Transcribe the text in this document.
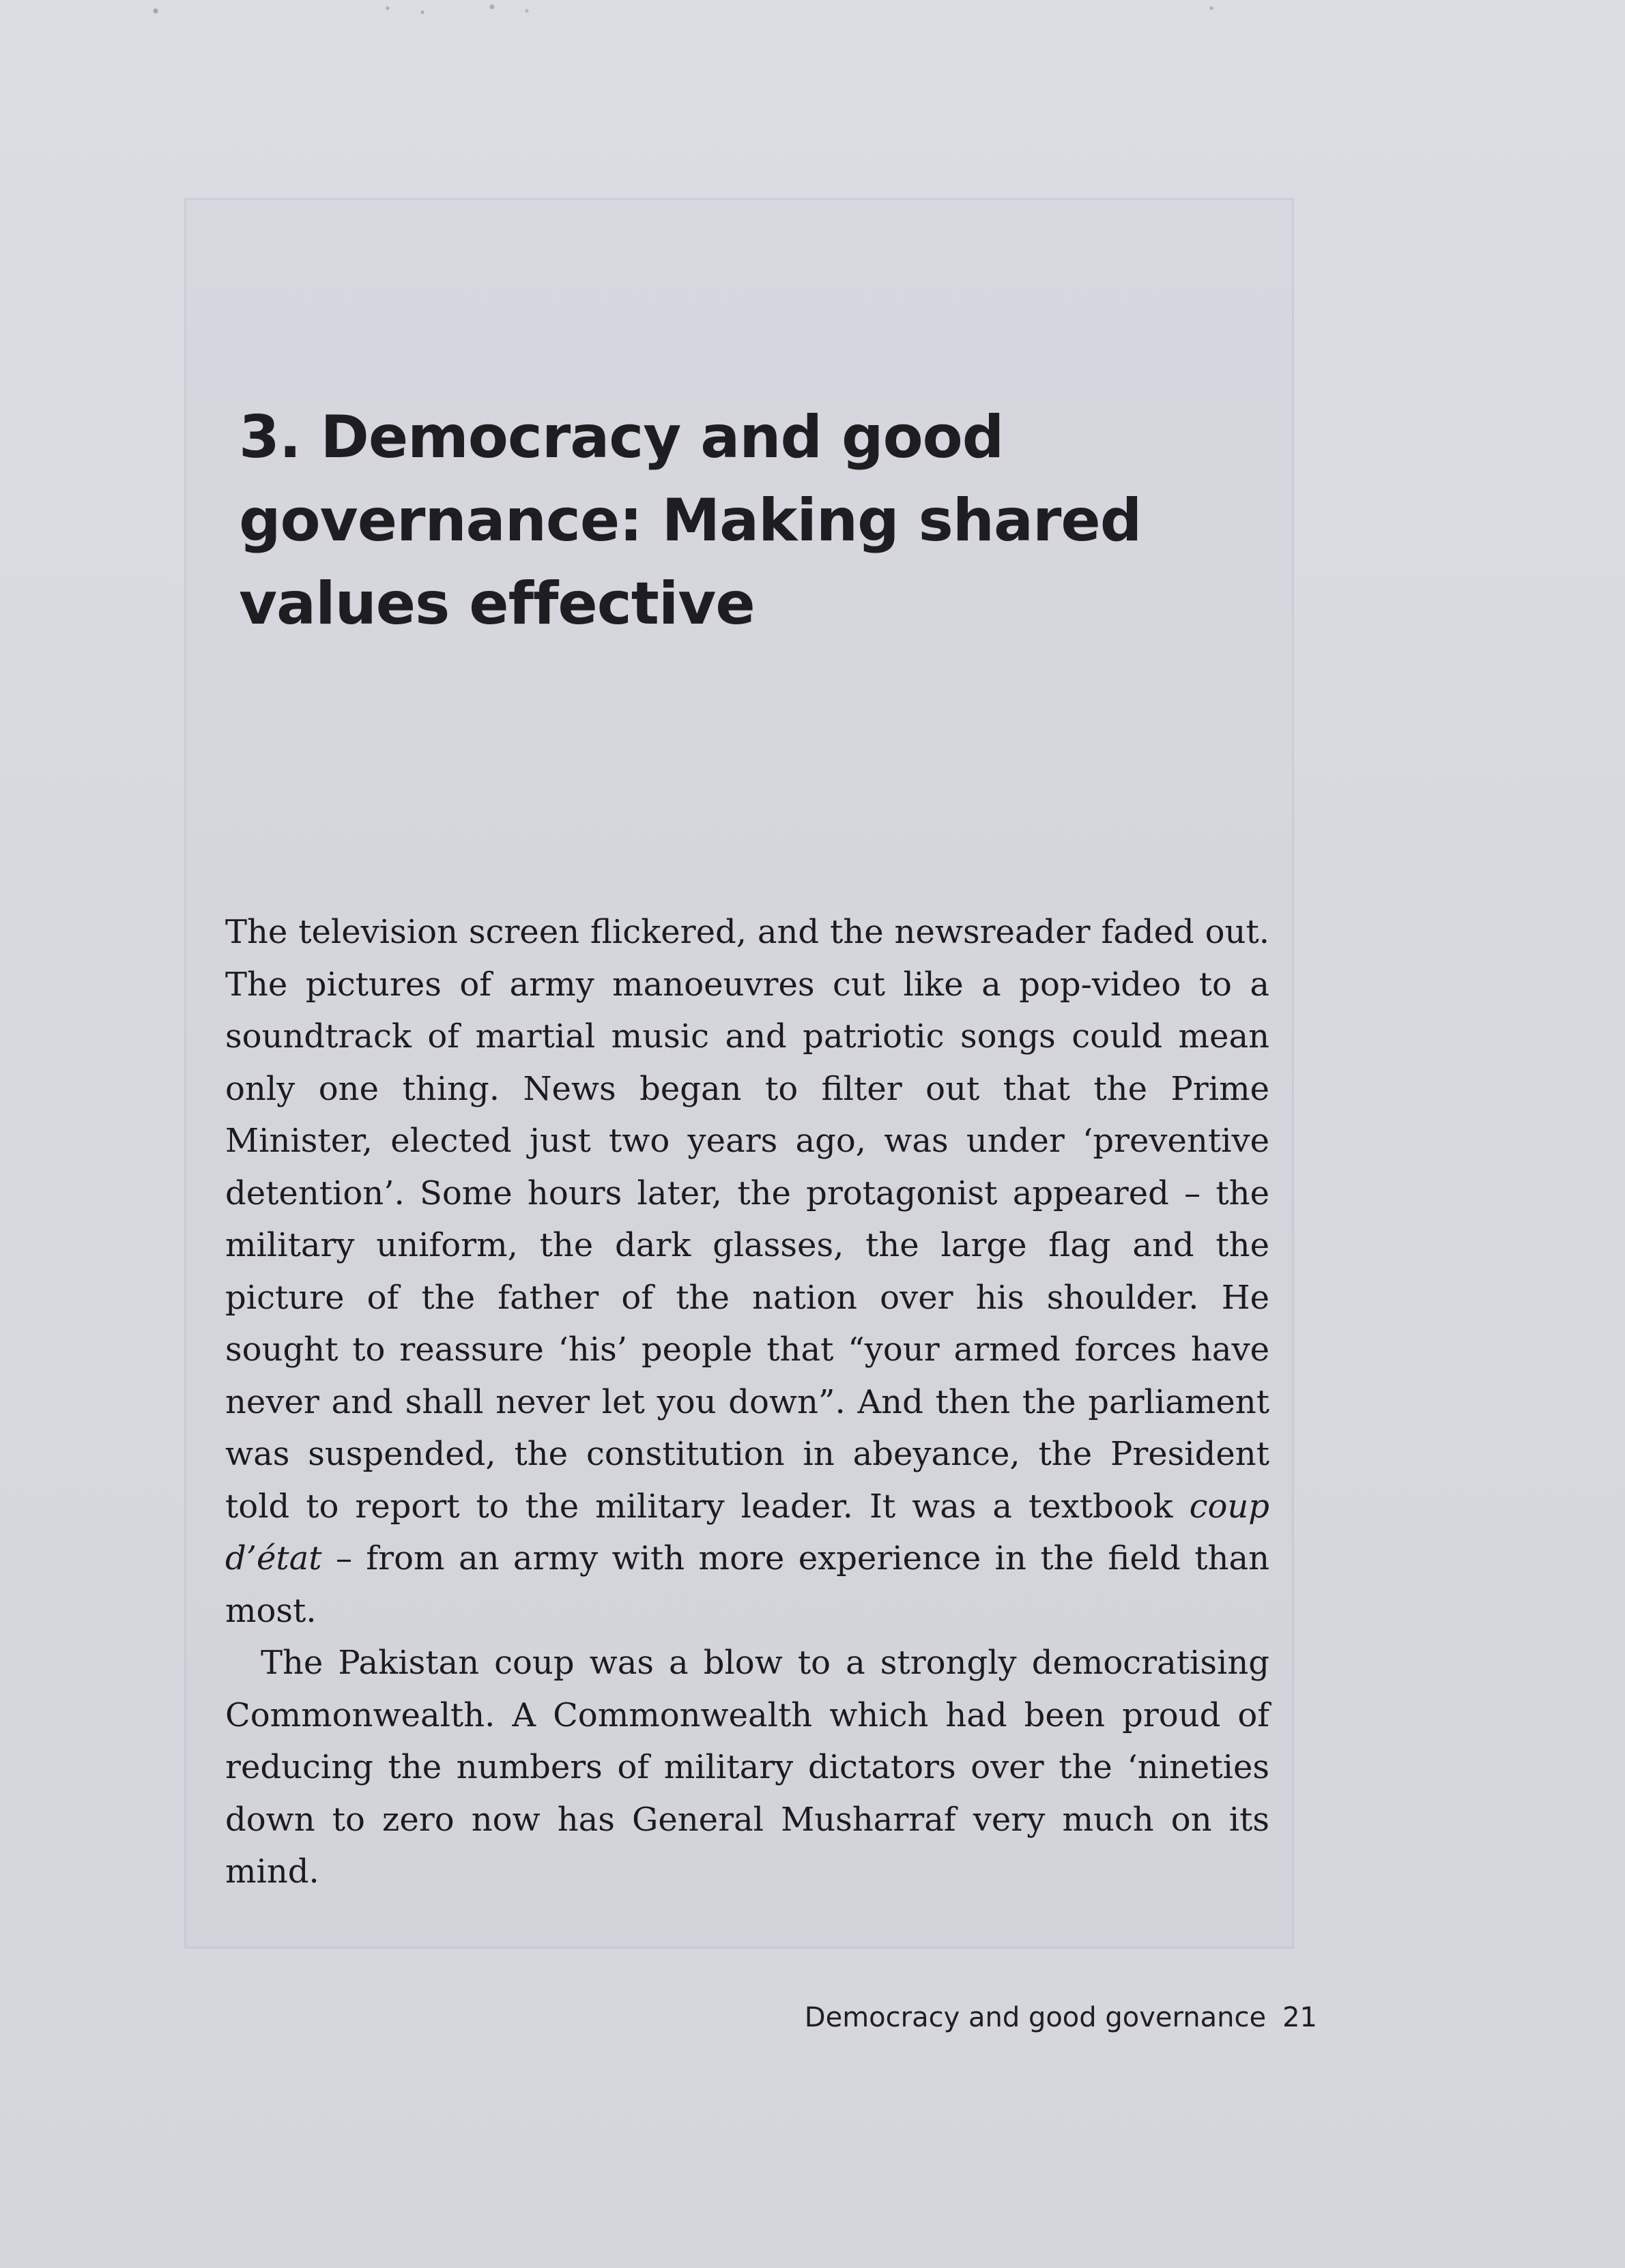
3. Democracy and good governance: Making shared values effective

The television screen flickered, and the newsreader faded out. The pictures of army manoeuvres cut like a pop-video to a soundtrack of martial music and patriotic songs could mean only one thing. News began to filter out that the Prime Minister, elected just two years ago, was under ‘preventive detention’. Some hours later, the protagonist appeared – the military uniform, the dark glasses, the large flag and the picture of the father of the nation over his shoulder. He sought to reassure ‘his’ people that “your armed forces have never and shall never let you down”. And then the parliament was suspended, the constitution in abeyance, the President told to report to the military leader. It was a textbook coup d’état – from an army with more experience in the field than most.

The Pakistan coup was a blow to a strongly democratising Commonwealth. A Commonwealth which had been proud of reducing the numbers of military dictators over the ‘nineties down to zero now has General Musharraf very much on its mind.

Democracy and good governance 21
